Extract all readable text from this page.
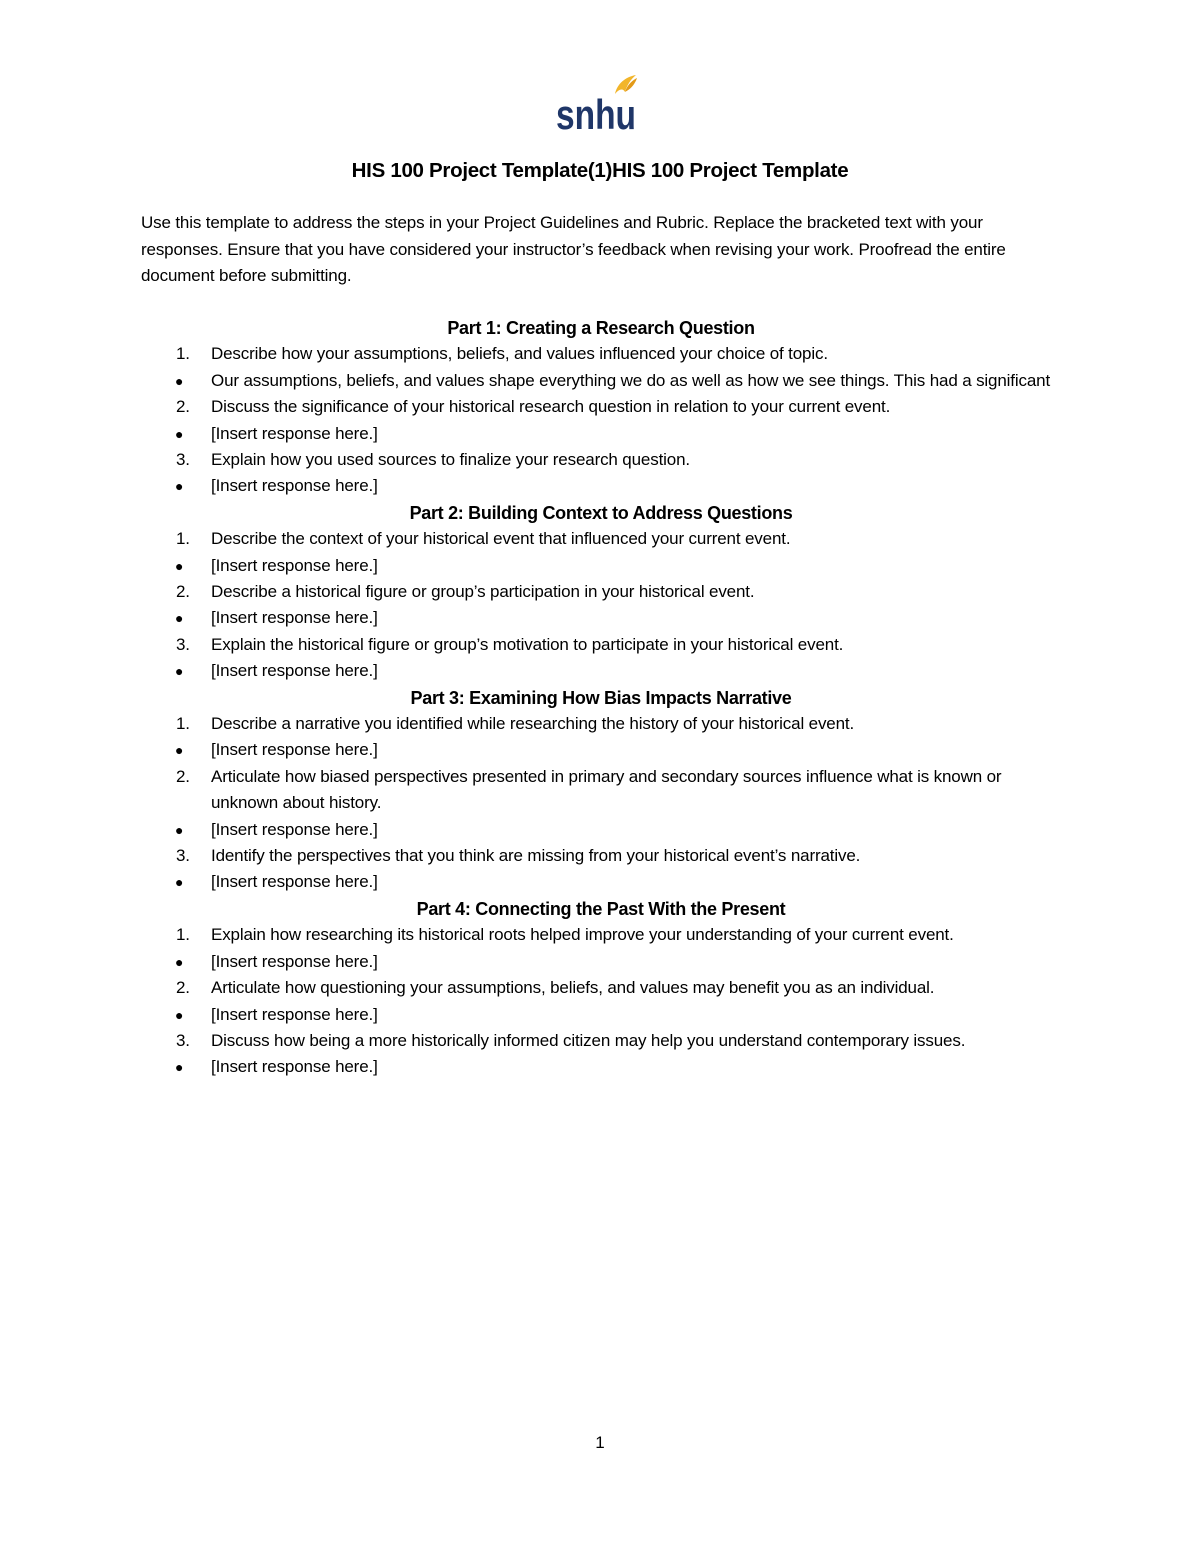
snhu
HIS 100 Project Template(1)HIS 100 Project Template

Use this template to address the steps in your Project Guidelines and Rubric. Replace the bracketed text with your responses. Ensure that you have considered your instructor’s feedback when revising your work. Proofread the entire document before submitting.

Part 1: Creating a Research Question
1.	Describe how your assumptions, beliefs, and values influenced your choice of topic.
●	Our assumptions, beliefs, and values shape everything we do as well as how we see things. This had a significant
2.	Discuss the significance of your historical research question in relation to your current event.
●	[Insert response here.]
3.	Explain how you used sources to finalize your research question.
●	[Insert response here.]
Part 2: Building Context to Address Questions
1.	Describe the context of your historical event that influenced your current event.
●	[Insert response here.]
2.	Describe a historical figure or group’s participation in your historical event.
●	[Insert response here.]
3.	Explain the historical figure or group’s motivation to participate in your historical event.
●	[Insert response here.]
Part 3: Examining How Bias Impacts Narrative
1.	Describe a narrative you identified while researching the history of your historical event.
●	[Insert response here.]
2.	Articulate how biased perspectives presented in primary and secondary sources influence what is known or unknown about history.
●	[Insert response here.]
3.	Identify the perspectives that you think are missing from your historical event’s narrative.
●	[Insert response here.]
Part 4: Connecting the Past With the Present
1.	Explain how researching its historical roots helped improve your understanding of your current event.
●	[Insert response here.]
2.	Articulate how questioning your assumptions, beliefs, and values may benefit you as an individual.
●	[Insert response here.]
3.	Discuss how being a more historically informed citizen may help you understand contemporary issues.
●	[Insert response here.]
1
